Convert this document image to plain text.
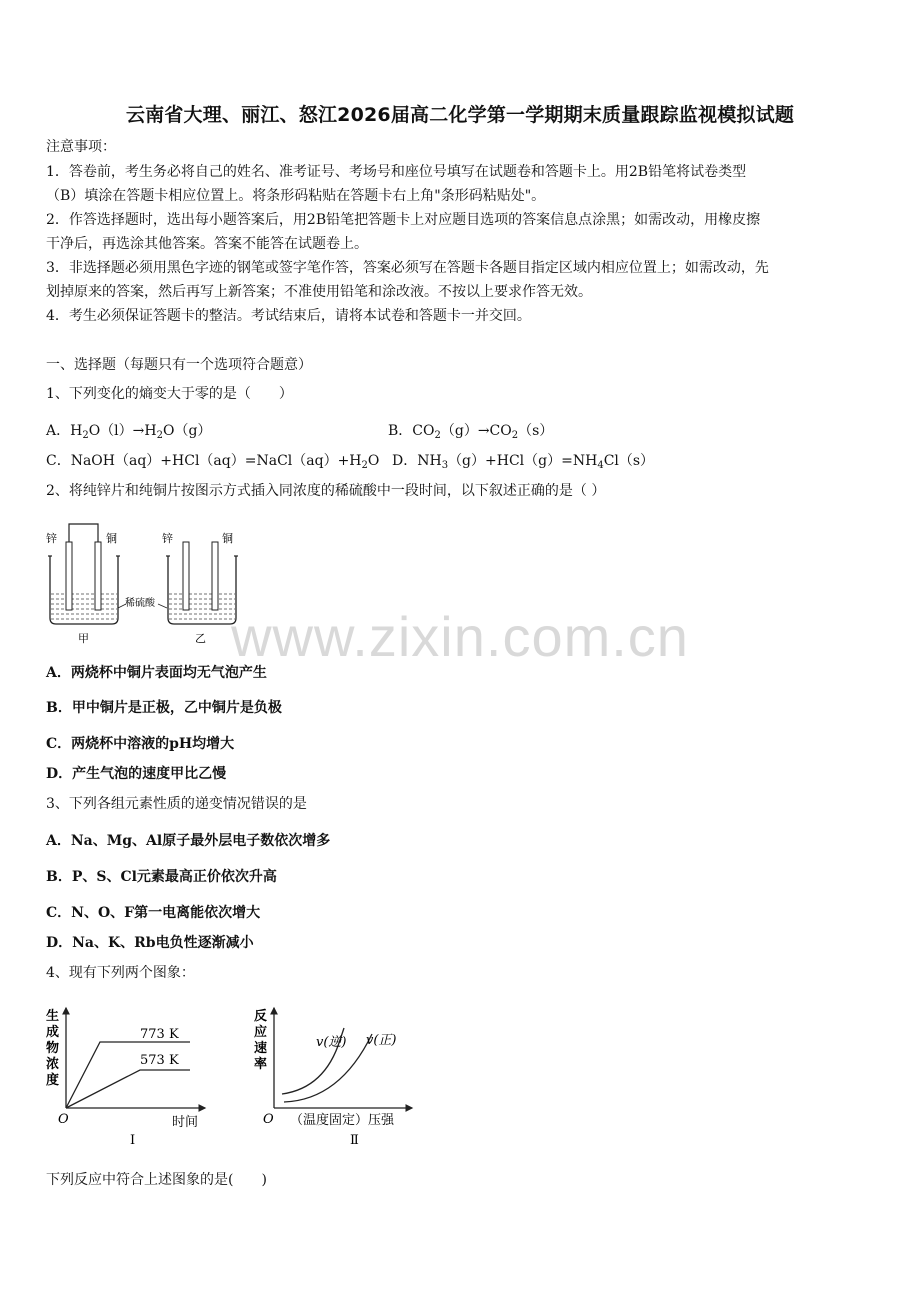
云南省大理、丽江、怒江2026届高二化学第一学期期末质量跟踪监视模拟试题
注意事项：
1．答卷前，考生务必将自己的姓名、准考证号、考场号和座位号填写在试题卷和答题卡上。用2B铅笔将试卷类型
（B）填涂在答题卡相应位置上。将条形码粘贴在答题卡右上角"条形码粘贴处"。
2．作答选择题时，选出每小题答案后，用2B铅笔把答题卡上对应题目选项的答案信息点涂黑；如需改动，用橡皮擦
干净后，再选涂其他答案。答案不能答在试题卷上。
3．非选择题必须用黑色字迹的钢笔或签字笔作答，答案必须写在答题卡各题目指定区域内相应位置上；如需改动，先
划掉原来的答案，然后再写上新答案；不准使用铅笔和涂改液。不按以上要求作答无效。
4．考生必须保证答题卡的整洁。考试结束后，请将本试卷和答题卡一并交回。
一、选择题（每题只有一个选项符合题意）
1、下列变化的熵变大于零的是（　　）
A．$H_2O(l)\to H_2O(g)$	B．$CO_2(g)\to CO_2(s)$
C．$NaOH(aq)+HCl(aq)=NaCl(aq)+H_2O$ D．$NH_3(g)+HCl(g)=NH_4Cl(s)$
2、将纯锌片和纯铜片按图示方式插入同浓度的稀硫酸中一段时间，以下叙述正确的是（ ）
锌	铜	锌	铜
稀硫酸
甲	乙 www.zixin.com.cn
A．两烧杯中铜片表面均无气泡产生
B．甲中铜片是正极，乙中铜片是负极
C．两烧杯中溶液的pH均增大
D．产生气泡的速度甲比乙慢
3、下列各组元素性质的递变情况错误的是
A．Na、Mg、Al原子最外层电子数依次增多
B．P、S、Cl元素最高正价依次升高
C．N、O、F第一电离能依次增大
D．Na、K、Rb电负性逐渐减小
4、现有下列两个图象：
生
成
物
浓
度
773 K
573 K
O	时间
Ⅰ
反
应
速
率
v(逆) v(正)
O （温度固定）压强
Ⅱ
下列反应中符合上述图象的是(　　)
